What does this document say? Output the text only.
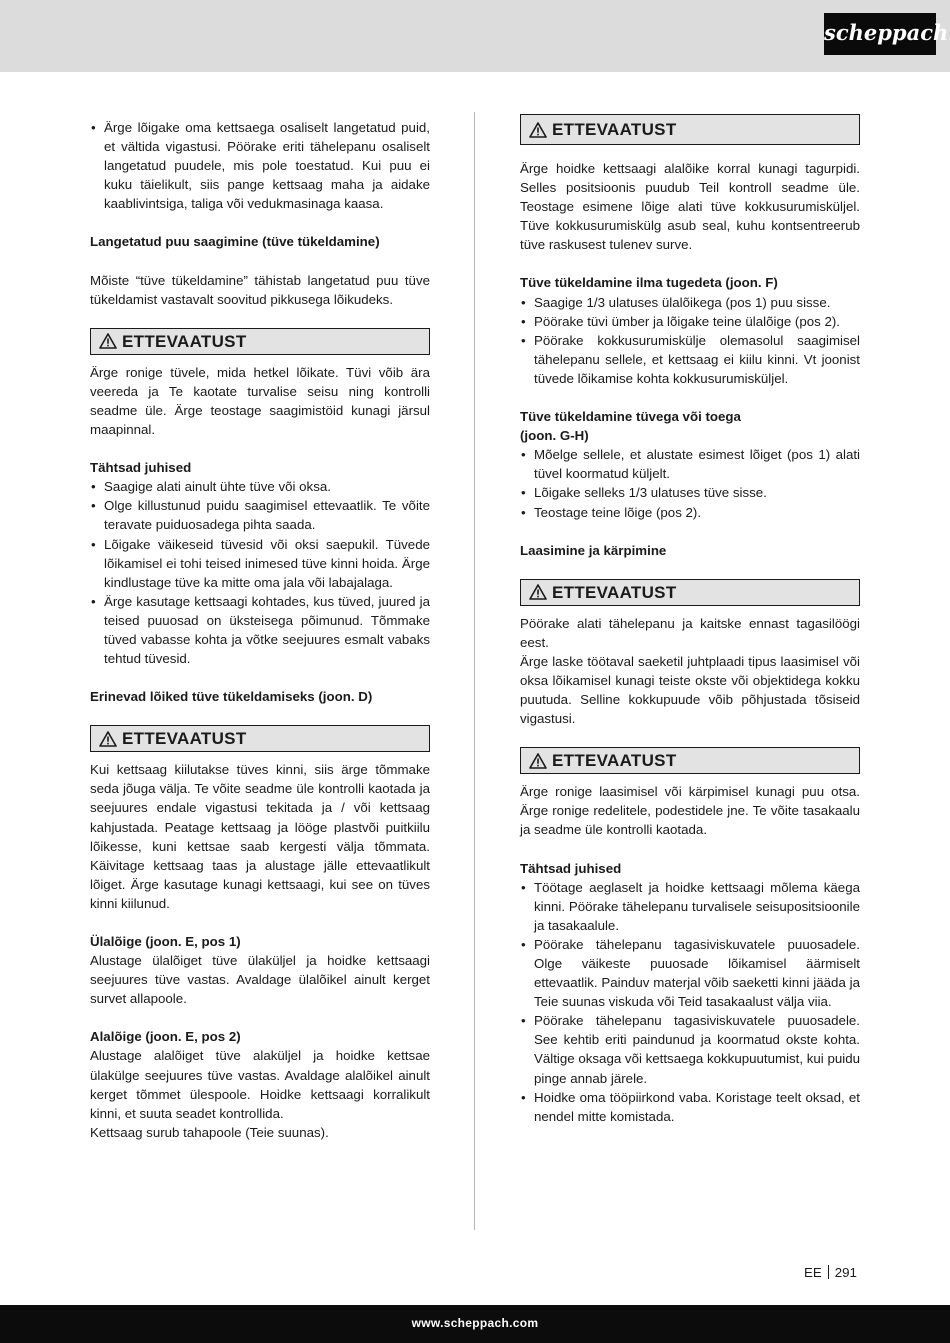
scheppach
• Ärge lõigake oma kettsaega osaliselt langetatud puid, et vältida vigastusi. Pöörake eriti tähelepanu osaliselt langetatud puudele, mis pole toestatud. Kui puu ei kuku täielikult, siis pange kettsaag maha ja aidake kaablivintsiga, taliga või vedukmasinaga kaasa.

Langetatud puu saagimine (tüve tükeldamine)

Mõiste “tüve tükeldamine” tähistab langetatud puu tüve tükeldamist vastavalt soovitud pikkusega lõikudeks.

ETTEVAATUST

Ärge ronige tüvele, mida hetkel lõikate. Tüvi võib ära veereda ja Te kaotate turvalise seisu ning kontrolli seadme üle. Ärge teostage saagimistöid kunagi järsul maapinnal.

Tähtsad juhised

• Saagige alati ainult ühte tüve või oksa.
• Olge killustunud puidu saagimisel ettevaatlik. Te võite teravate puiduosadega pihta saada.
• Lõigake väikeseid tüvesid või oksi saepukil. Tüvede lõikamisel ei tohi teised inimesed tüve kinni hoida. Ärge kindlustage tüve ka mitte oma jala või labajalaga.
• Ärge kasutage kettsaagi kohtades, kus tüved, juured ja teised puuosad on üksteisega põimunud. Tõmmake tüved vabasse kohta ja võtke seejuures esmalt vabaks tehtud tüvesid.

Erinevad lõiked tüve tükeldamiseks (joon. D)

ETTEVAATUST

Kui kettsaag kiilutakse tüves kinni, siis ärge tõmmake seda jõuga välja. Te võite seadme üle kontrolli kaotada ja seejuures endale vigastusi tekitada ja / või kettsaag kahjustada. Peatage kettsaag ja lööge plastvõi puitkiilu lõikesse, kuni kettsae saab kergesti välja tõmmata. Käivitage kettsaag taas ja alustage jälle ettevaatlikult lõiget. Ärge kasutage kunagi kettsaagi, kui see on tüves kinni kiilunud.

Ülalõige (joon. E, pos 1)

Alustage ülalõiget tüve ülaküljel ja hoidke kettsaagi seejuures tüve vastas. Avaldage ülalõikel ainult kerget survet allapoole.

Alalõige (joon. E, pos 2)

Alustage alalõiget tüve alaküljel ja hoidke kettsae ülakülge seejuures tüve vastas. Avaldage alalõikel ainult kerget tõmmet ülespoole. Hoidke kettsaagi korralikult kinni, et suuta seadet kontrollida.

Kettsaag surub tahapoole (Teie suunas).

ETTEVAATUST

Ärge hoidke kettsaagi alalõike korral kunagi tagurpidi. Selles positsioonis puudub Teil kontroll seadme üle. Teostage esimene lõige alati tüve kokkusurumisküljel. Tüve kokkusurumiskülg asub seal, kuhu kontsentreerub tüve raskusest tulenev surve.

Tüve tükeldamine ilma tugedeta (joon. F)

• Saagige 1/3 ulatuses ülalõikega (pos 1) puu sisse.
• Pöörake tüvi ümber ja lõigake teine ülalõige (pos 2).
• Pöörake kokkusurumiskülje olemasolul saagimisel tähelepanu sellele, et kettsaag ei kiilu kinni. Vt joonist tüvede lõikamise kohta kokkusurumisküljel.

Tüve tükeldamine tüvega või toega

(joon. G-H)

• Mõelge sellele, et alustate esimest lõiget (pos 1) alati tüvel koormatud küljelt.
• Lõigake selleks 1/3 ulatuses tüve sisse.
• Teostage teine lõige (pos 2).

Laasimine ja kärpimine

ETTEVAATUST

Pöörake alati tähelepanu ja kaitske ennast tagasilöögi eest.

Ärge laske töötaval saeketil juhtplaadi tipus laasimisel või oksa lõikamisel kunagi teiste okste või objektidega kokku puutuda. Selline kokkupuude võib põhjustada tõsiseid vigastusi.

ETTEVAATUST

Ärge ronige laasimisel või kärpimisel kunagi puu otsa. Ärge ronige redelitele, podestidele jne. Te võite tasakaalu ja seadme üle kontrolli kaotada.

Tähtsad juhised

• Töötage aeglaselt ja hoidke kettsaagi mõlema käega kinni. Pöörake tähelepanu turvalisele seisupositsioonile ja tasakaalule.
• Pöörake tähelepanu tagasiviskuvatele puuosadele. Olge väikeste puuosade lõikamisel äärmiselt ettevaatlik. Painduv materjal võib saeketti kinni jääda ja Teie suunas viskuda või Teid tasakaalust välja viia.
• Pöörake tähelepanu tagasiviskuvatele puuosadele. See kehtib eriti paindunud ja koormatud okste kohta. Vältige oksaga või kettsaega kokkupuutumist, kui puidu pinge annab järele.
• Hoidke oma tööpiirkond vaba. Koristage teelt oksad, et nendel mitte komistada.
EE 291
www.scheppach.com
